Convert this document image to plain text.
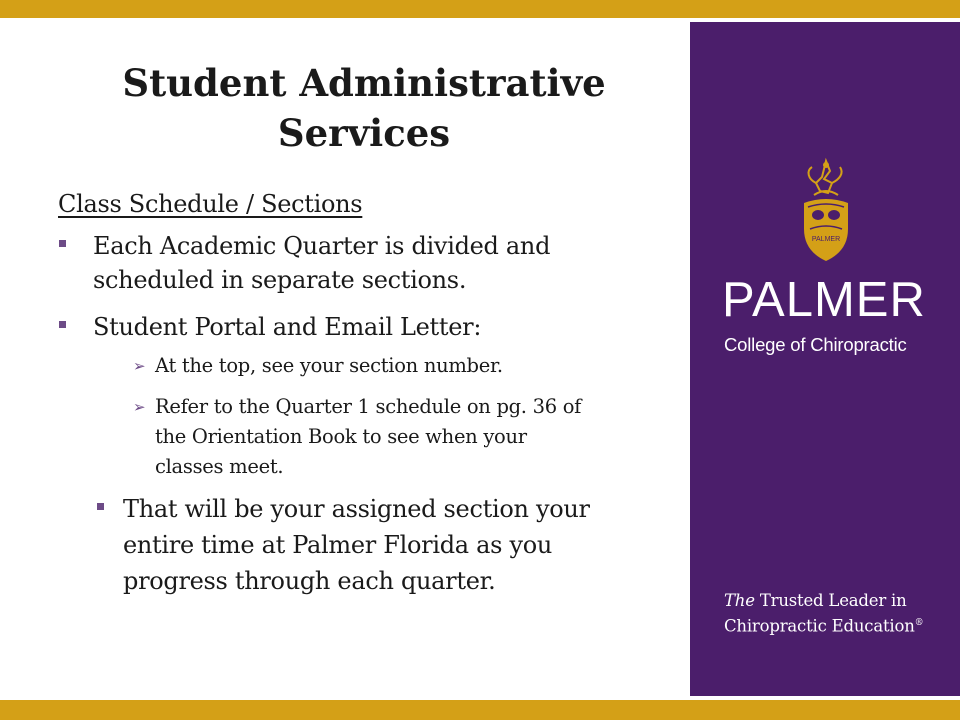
Student Administrative
Services
Class Schedule / Sections
Each Academic Quarter is divided and
scheduled in separate sections.
Student Portal and Email Letter:
➢ At the top, see your section number.
➢ Refer to the Quarter 1 schedule on pg. 36 of
the Orientation Book to see when your
classes meet.
That will be your assigned section your
entire time at Palmer Florida as you
progress through each quarter.
PALMER
PALMER
College of Chiropractic
The Trusted Leader in
Chiropractic Education®
